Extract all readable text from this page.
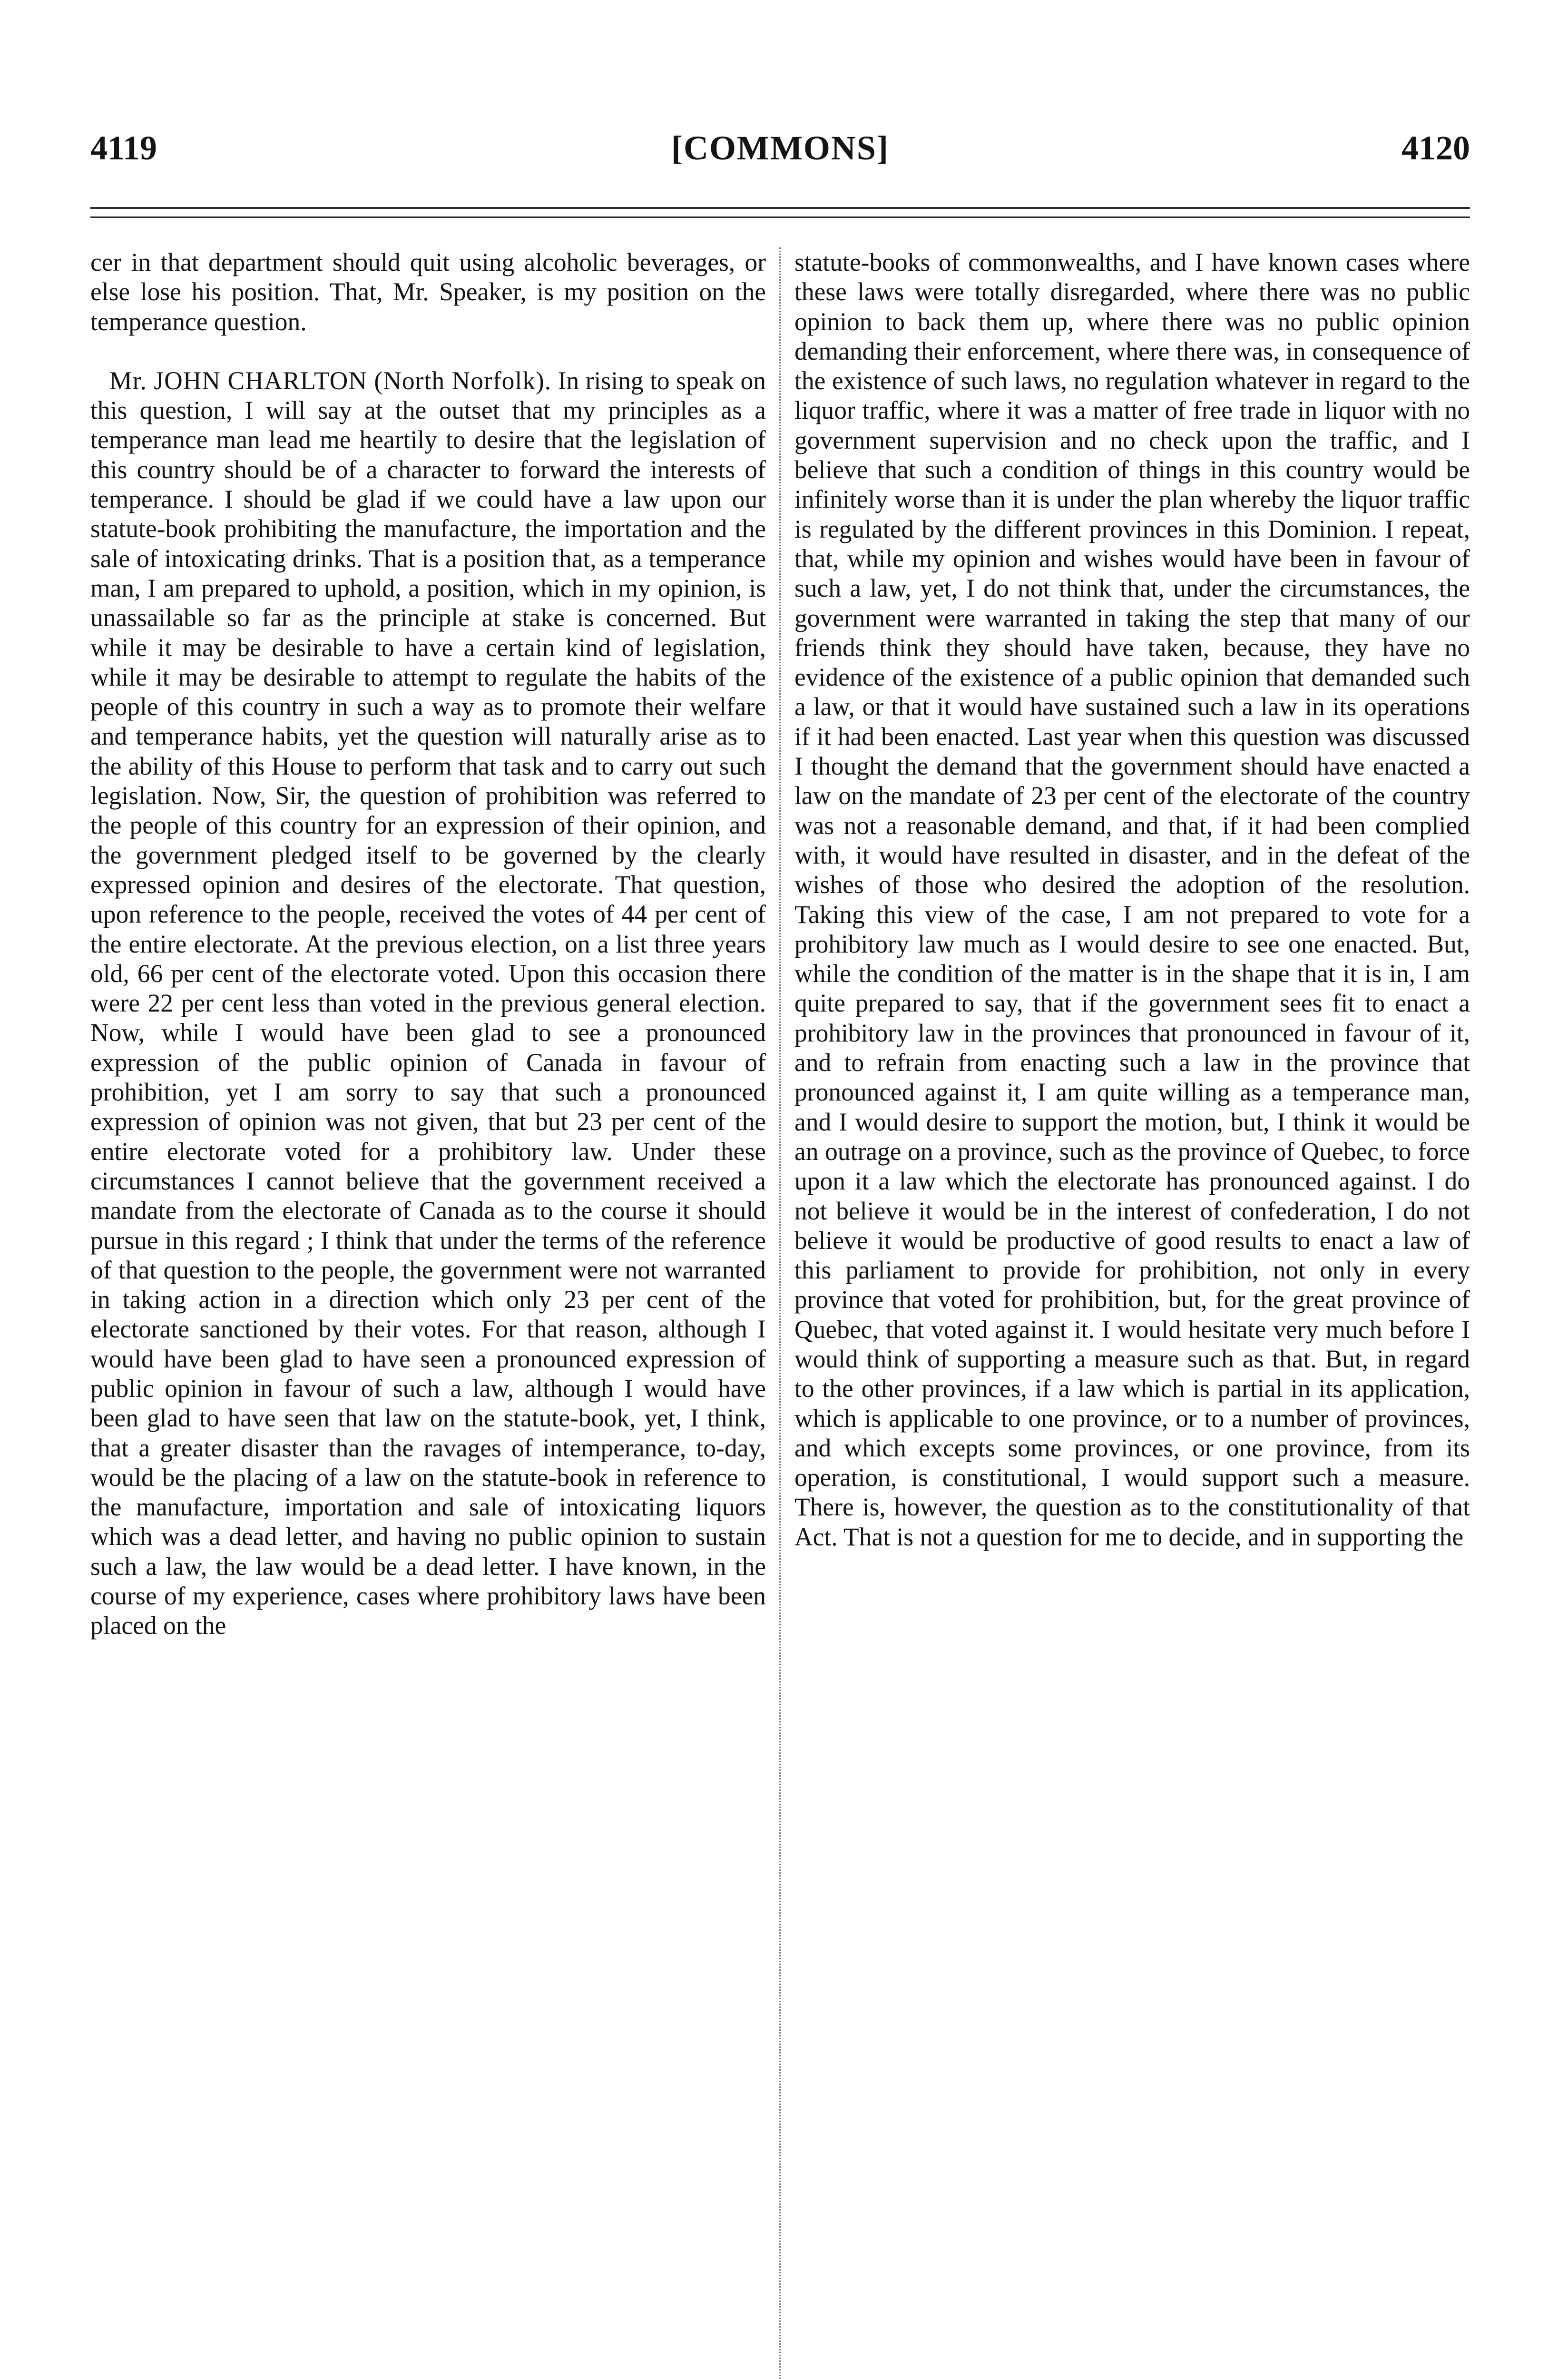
4119	[COMMONS]	4120

cer in that department should quit using alcoholic beverages, or else lose his position. That, Mr. Speaker, is my position on the temperance question.

Mr. JOHN CHARLTON (North Norfolk). In rising to speak on this question, I will say at the outset that my principles as a temperance man lead me heartily to desire that the legislation of this country should be of a character to forward the interests of temperance. I should be glad if we could have a law upon our statute-book prohibiting the manufacture, the importation and the sale of intoxicating drinks. That is a position that, as a temperance man, I am prepared to uphold, a position, which in my opinion, is unassailable so far as the principle at stake is concerned. But while it may be desirable to have a certain kind of legislation, while it may be desirable to attempt to regulate the habits of the people of this country in such a way as to promote their welfare and temperance habits, yet the question will naturally arise as to the ability of this House to perform that task and to carry out such legislation. Now, Sir, the question of prohibition was referred to the people of this country for an expression of their opinion, and the government pledged itself to be governed by the clearly expressed opinion and desires of the electorate. That question, upon reference to the people, received the votes of 44 per cent of the entire electorate. At the previous election, on a list three years old, 66 per cent of the electorate voted. Upon this occasion there were 22 per cent less than voted in the previous general election. Now, while I would have been glad to see a pronounced expression of the public opinion of Canada in favour of prohibition, yet I am sorry to say that such a pronounced expression of opinion was not given, that but 23 per cent of the entire electorate voted for a prohibitory law. Under these circumstances I cannot believe that the government received a mandate from the electorate of Canada as to the course it should pursue in this regard ; I think that under the terms of the reference of that question to the people, the government were not warranted in taking action in a direction which only 23 per cent of the electorate sanctioned by their votes. For that reason, although I would have been glad to have seen a pronounced expression of public opinion in favour of such a law, although I would have been glad to have seen that law on the statute-book, yet, I think, that a greater disaster than the ravages of intemperance, to-day, would be the placing of a law on the statute-book in reference to the manufacture, importation and sale of intoxicating liquors which was a dead letter, and having no public opinion to sustain such a law, the law would be a dead letter. I have known, in the course of my experience, cases where prohibitory laws have been placed on the

statute-books of commonwealths, and I have known cases where these laws were totally disregarded, where there was no public opinion to back them up, where there was no public opinion demanding their enforcement, where there was, in consequence of the existence of such laws, no regulation whatever in regard to the liquor traffic, where it was a matter of free trade in liquor with no government supervision and no check upon the traffic, and I believe that such a condition of things in this country would be infinitely worse than it is under the plan whereby the liquor traffic is regulated by the different provinces in this Dominion. I repeat, that, while my opinion and wishes would have been in favour of such a law, yet, I do not think that, under the circumstances, the government were warranted in taking the step that many of our friends think they should have taken, because, they have no evidence of the existence of a public opinion that demanded such a law, or that it would have sustained such a law in its operations if it had been enacted. Last year when this question was discussed I thought the demand that the government should have enacted a law on the mandate of 23 per cent of the electorate of the country was not a reasonable demand, and that, if it had been complied with, it would have resulted in disaster, and in the defeat of the wishes of those who desired the adoption of the resolution. Taking this view of the case, I am not prepared to vote for a prohibitory law much as I would desire to see one enacted. But, while the condition of the matter is in the shape that it is in, I am quite prepared to say, that if the government sees fit to enact a prohibitory law in the provinces that pronounced in favour of it, and to refrain from enacting such a law in the province that pronounced against it, I am quite willing as a temperance man, and I would desire to support the motion, but, I think it would be an outrage on a province, such as the province of Quebec, to force upon it a law which the electorate has pronounced against. I do not believe it would be in the interest of confederation, I do not believe it would be productive of good results to enact a law of this parliament to provide for prohibition, not only in every province that voted for prohibition, but, for the great province of Quebec, that voted against it. I would hesitate very much before I would think of supporting a measure such as that. But, in regard to the other provinces, if a law which is partial in its application, which is applicable to one province, or to a number of provinces, and which excepts some provinces, or one province, from its operation, is constitutional, I would support such a measure. There is, however, the question as to the constitutionality of that Act. That is not a question for me to decide, and in supporting the
